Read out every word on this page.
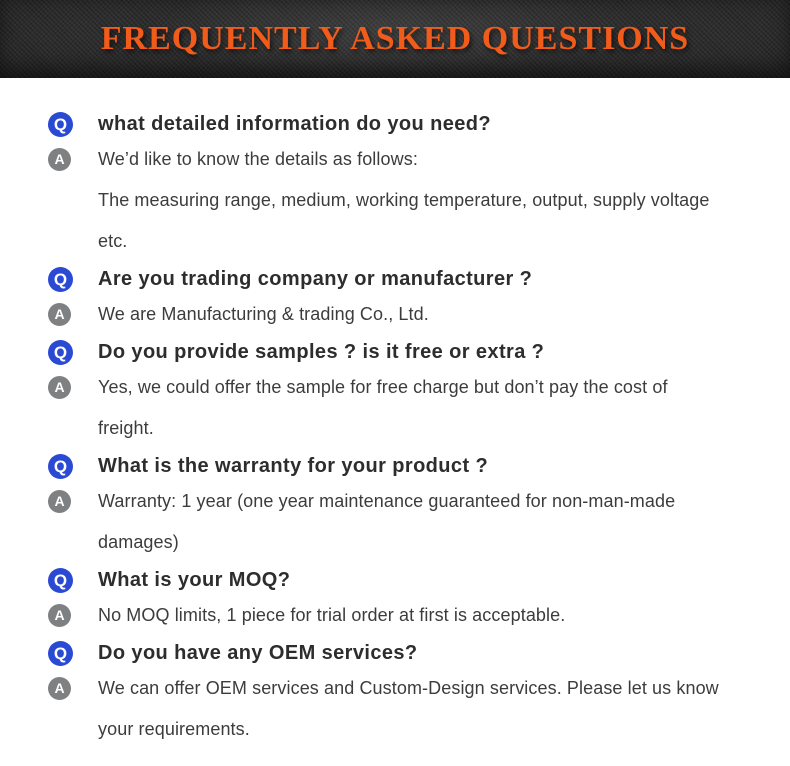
FREQUENTLY ASKED QUESTIONS
Q what detailed information do you need?
A	We’d like to know the details as follows:
The measuring range, medium, working temperature, output, supply voltage
etc.
Q Are you trading company or manufacturer ?
A	We are Manufacturing & trading Co., Ltd.
Q Do you provide samples ? is it free or extra ?
A	Yes, we could offer the sample for free charge but don’t pay the cost of
freight.
Q What is the warranty for your product ?
A	Warranty: 1 year (one year maintenance guaranteed for non-man-made
damages)
Q What is your MOQ?
A	No MOQ limits, 1 piece for trial order at first is acceptable.
Q Do you have any OEM services?
A	We can offer OEM services and Custom-Design services. Please let us know
your requirements.
